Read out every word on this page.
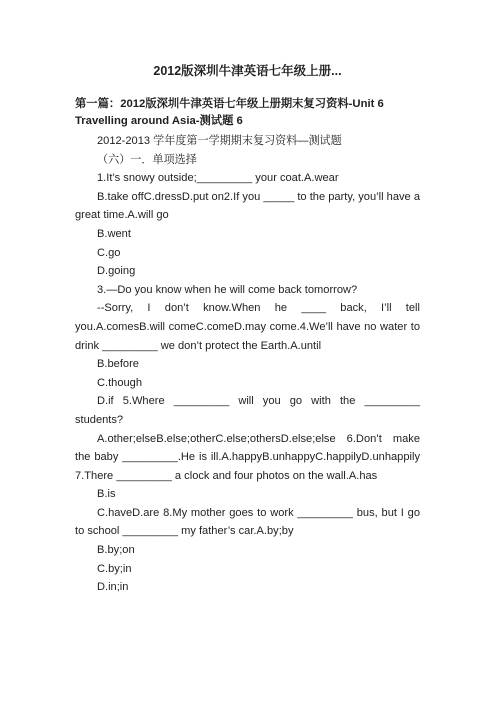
2012版深圳牛津英语七年级上册...
第一篇：2012版深圳牛津英语七年级上册期末复习资料-Unit 6 Travelling around Asia-测试题 6

2012-2013 学年度第一学期期末复习资料—测试题

（六）一．单项选择

1.It’s snowy outside;_________ your coat.A.wear

B.take offC.dressD.put on2.If you _____ to the party, you’ll have a great time.A.will go

B.went

C.go

D.going

3.—Do you know when he will come back tomorrow?

--Sorry, I don’t know.When he ____ back, I’ll tell you.A.comesB.will comeC.comeD.may come.4.We’ll have no water to drink _________ we don’t protect the Earth.A.until

B.before

C.though

D.if 5.Where _________ will you go with the _________ students?

A.other;elseB.else;otherC.else;othersD.else;else 6.Don’t make the baby _________.He is ill.A.happyB.unhappyC.happilyD.unhappily 7.There _________ a clock and four photos on the wall.A.has

B.is

C.haveD.are 8.My mother goes to work _________ bus, but I go to school _________ my father’s car.A.by;by

B.by;on

C.by;in

D.in;in
